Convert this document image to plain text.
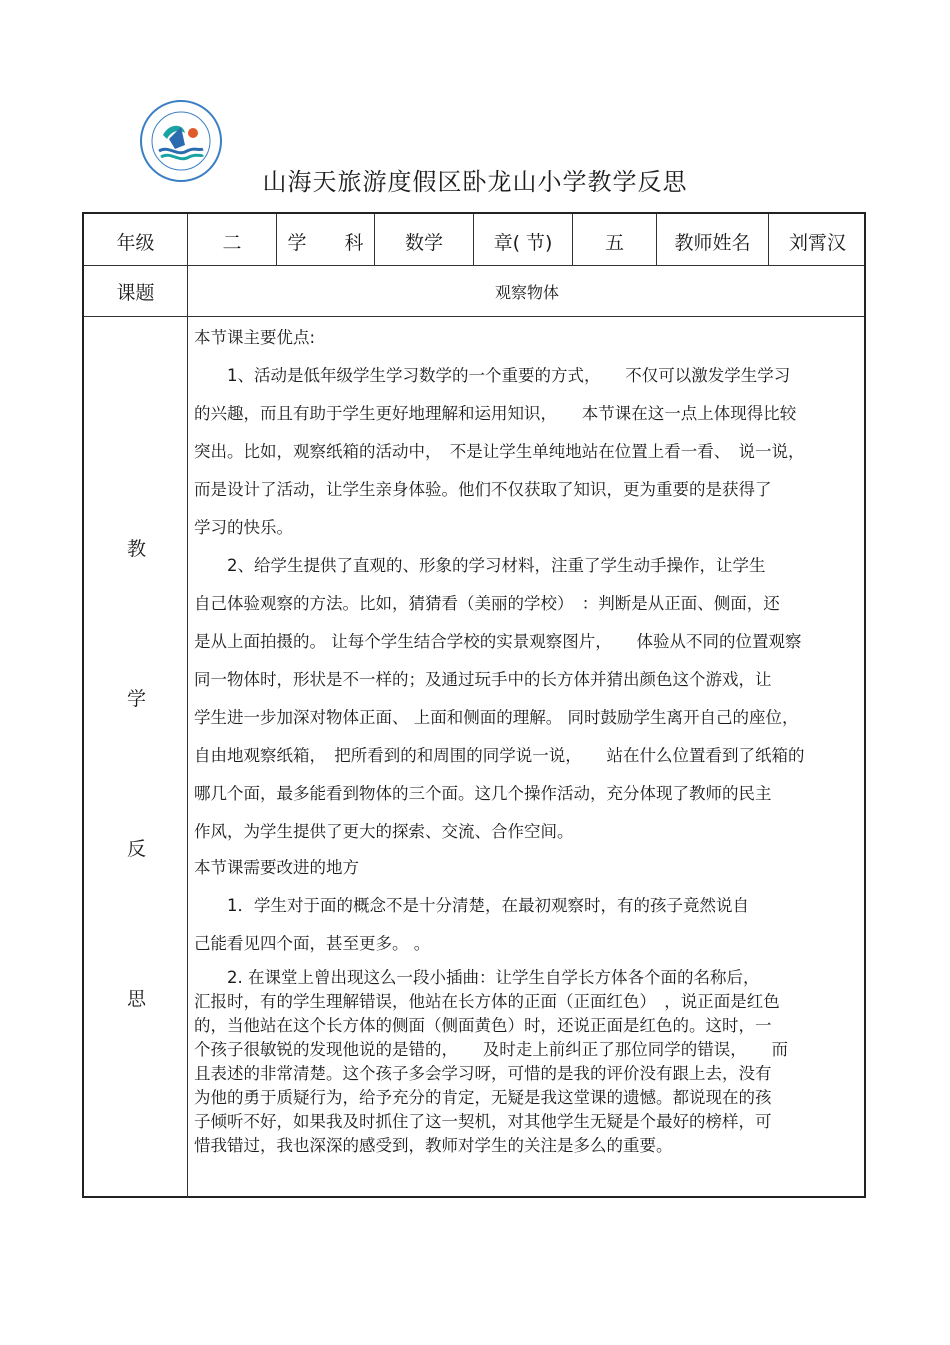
山海天旅游度假区卧龙山小学教学反思
年级	二	学　　科	数学	章( 节)	五	教师姓名	刘霄汉
课题	观察物体
教
学
反
思
本节课主要优点:
　　1、活动是低年级学生学习数学的一个重要的方式，　　不仅可以激发学生学习
的兴趣，而且有助于学生更好地理解和运用知识，　　本节课在这一点上体现得比较
突出。比如，观察纸箱的活动中，　不是让学生单纯地站在位置上看一看、　说一说，
而是设计了活动，让学生亲身体验。他们不仅获取了知识，更为重要的是获得了
学习的快乐。
　　2、给学生提供了直观的、形象的学习材料，注重了学生动手操作，让学生
自己体验观察的方法。比如，猜猜看（美丽的学校）　：判断是从正面、侧面，还
是从上面拍摄的。 让每个学生结合学校的实景观察图片，　　体验从不同的位置观察
同一物体时，形状是不一样的；及通过玩手中的长方体并猜出颜色这个游戏，让
学生进一步加深对物体正面、 上面和侧面的理解。 同时鼓励学生离开自己的座位，
自由地观察纸箱，　把所看到的和周围的同学说一说，　　站在什么位置看到了纸箱的
哪几个面，最多能看到物体的三个面。这几个操作活动，充分体现了教师的民主
作风，为学生提供了更大的探索、交流、合作空间。
本节课需要改进的地方
　　1．学生对于面的概念不是十分清楚，在最初观察时，有的孩子竟然说自
己能看见四个面，甚至更多。 。
　　2. 在课堂上曾出现这么一段小插曲：让学生自学长方体各个面的名称后，
汇报时，有的学生理解错误，他站在长方体的正面（正面红色）　，说正面是红色
的，当他站在这个长方体的侧面（侧面黄色）时，还说正面是红色的。这时，一
个孩子很敏锐的发现他说的是错的，　　及时走上前纠正了那位同学的错误，　　而
且表述的非常清楚。这个孩子多会学习呀，可惜的是我的评价没有跟上去，没有
为他的勇于质疑行为，给予充分的肯定，无疑是我这堂课的遗憾。都说现在的孩
子倾听不好，如果我及时抓住了这一契机，对其他学生无疑是个最好的榜样，可
惜我错过，我也深深的感受到，教师对学生的关注是多么的重要。
